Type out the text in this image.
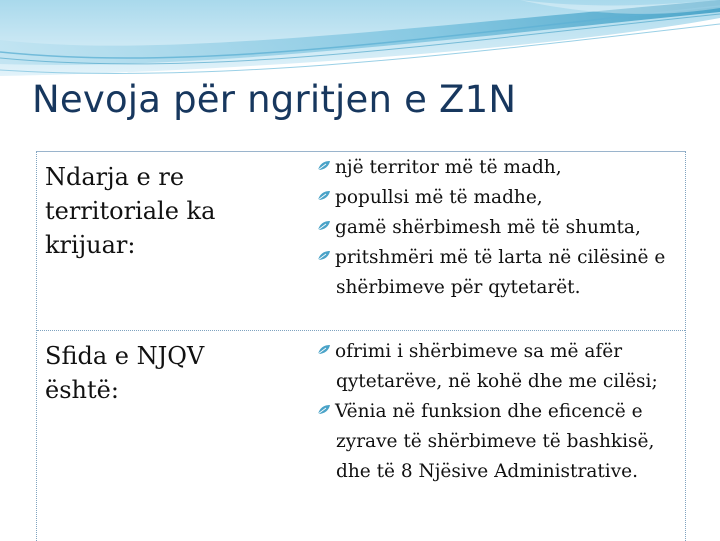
Nevoja për ngritjen e Z1N
Ndarja e re territoriale ka krijuar:
një territor më të madh,
popullsi më të madhe,
gamë shërbimesh më të shumta,
pritshmëri më të larta në cilësinë e shërbimeve për qytetarët.
Sfida e NJQV është:
ofrimi i shërbimeve sa më afër qytetarëve, në kohë dhe me cilësi;
Vënia në funksion dhe eficencë e zyrave të shërbimeve të bashkisë, dhe të 8 Njësive Administrative.
